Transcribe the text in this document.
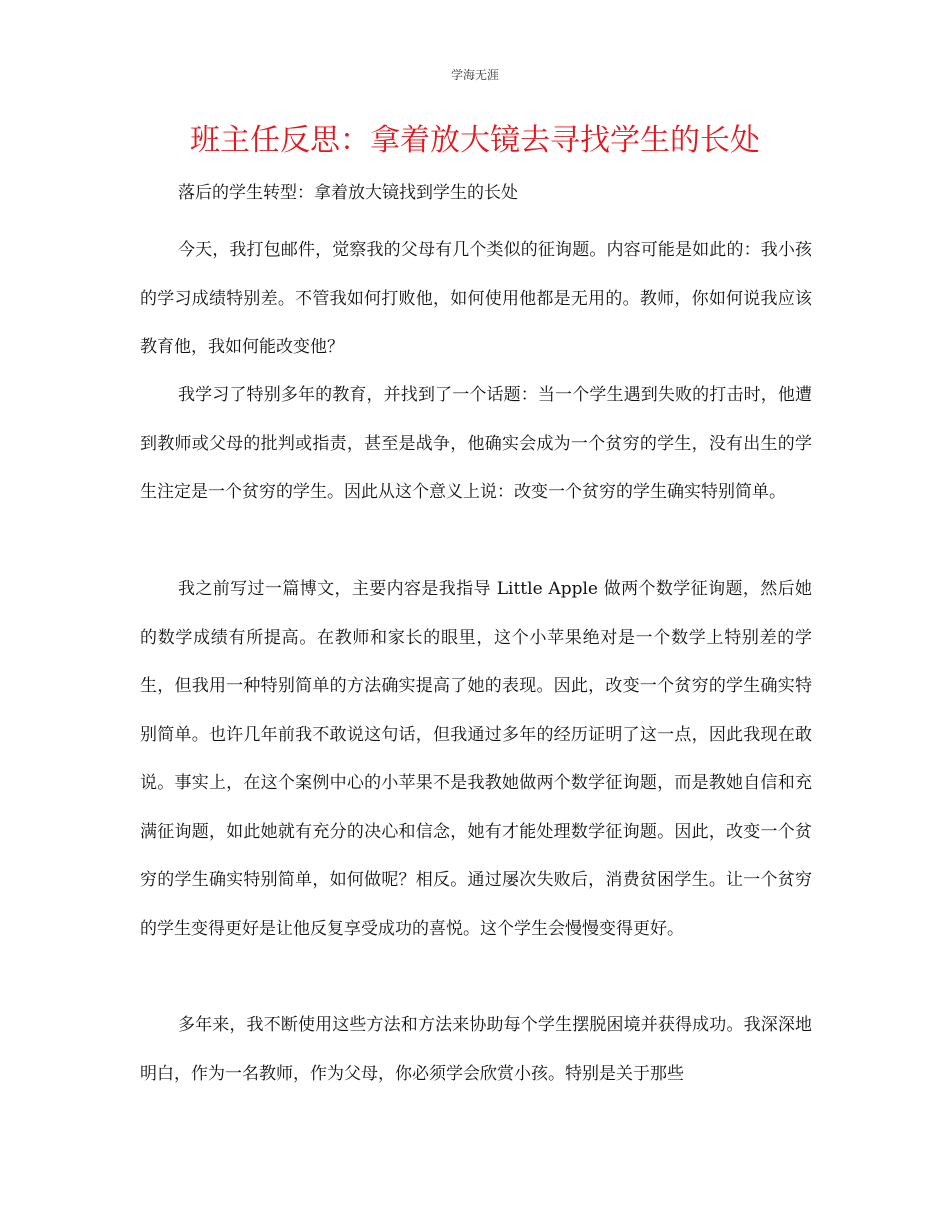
学海无涯
班主任反思：拿着放大镜去寻找学生的长处
落后的学生转型：拿着放大镜找到学生的长处

今天，我打包邮件，觉察我的父母有几个类似的征询题。内容可能是如此的：我小孩的学习成绩特别差。不管我如何打败他，如何使用他都是无用的。教师，你如何说我应该教育他，我如何能改变他？

我学习了特别多年的教育，并找到了一个话题：当一个学生遇到失败的打击时，他遭到教师或父母的批判或指责，甚至是战争，他确实会成为一个贫穷的学生，没有出生的学生注定是一个贫穷的学生。因此从这个意义上说：改变一个贫穷的学生确实特别简单。

我之前写过一篇博文，主要内容是我指导 Little Apple 做两个数学征询题，然后她的数学成绩有所提高。在教师和家长的眼里，这个小苹果绝对是一个数学上特别差的学生，但我用一种特别简单的方法确实提高了她的表现。因此，改变一个贫穷的学生确实特别简单。也许几年前我不敢说这句话，但我通过多年的经历证明了这一点，因此我现在敢说。事实上，在这个案例中心的小苹果不是我教她做两个数学征询题，而是教她自信和充满征询题，如此她就有充分的决心和信念，她有才能处理数学征询题。因此，改变一个贫穷的学生确实特别简单，如何做呢？相反。通过屡次失败后，消费贫困学生。让一个贫穷的学生变得更好是让他反复享受成功的喜悦。这个学生会慢慢变得更好。

多年来，我不断使用这些方法和方法来协助每个学生摆脱困境并获得成功。我深深地明白，作为一名教师，作为父母，你必须学会欣赏小孩。特别是关于那些
